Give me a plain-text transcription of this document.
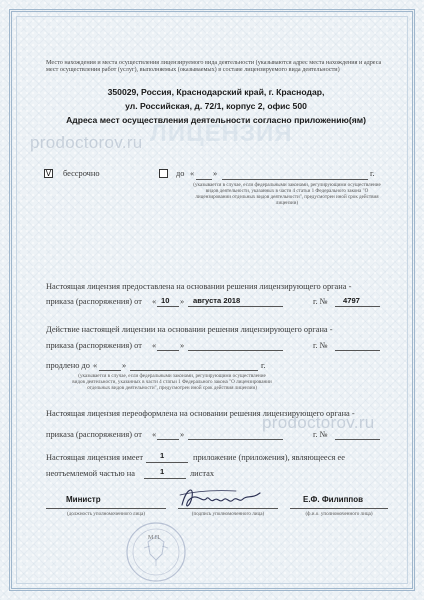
ЛИЦЕНЗИЯ
Место нахождения и места осуществления лицензируемого вида деятельности (указываются адрес места нахождения и адреса мест осуществления работ (услуг), выполняемых (оказываемых) в составе лицензируемого вида деятельности)
350029, Россия, Краснодарский край, г. Краснодар,
ул. Российская, д. 72/1, корпус 2, офис 500
Адреса мест осуществления деятельности согласно приложению(ям)
prodoctorov.ru
prodoctorov.ru
V бессрочно	до « »	г.
(указывается в случае, если федеральными законами, регулирующими осуществление видов деятельности, указанных в части 4 статьи 1 Федерального закона "О лицензировании отдельных видов деятельности", предусмотрен иной срок действия лицензии)
Настоящая лицензия предоставлена на основании решения лицензирующего органа -
приказа (распоряжения) от « 10 » августа 2018	г. № 4797
Действие настоящей лицензии на основании решения лицензирующего органа -
приказа (распоряжения) от «	»	г. №
продлено до «	»	г.
(указывается в случае, если федеральными законами, регулирующими осуществление видов деятельности, указанных в части 4 статьи 1 Федерального закона "О лицензировании отдельных видов деятельности", предусмотрен иной срок действия лицензии)
Настоящая лицензия переоформлена на основании решения лицензирующего органа -
приказа (распоряжения) от «	»	г. №
Настоящая лицензия имеет 1	приложение (приложения), являющееся ее
неотъемлемой частью на	1	листах
Министр
(должность уполномоченного лица)	(подпись уполномоченного лица)
Е.Ф. Филиппов
(ф.и.о. уполномоченного лица)
М.П.
